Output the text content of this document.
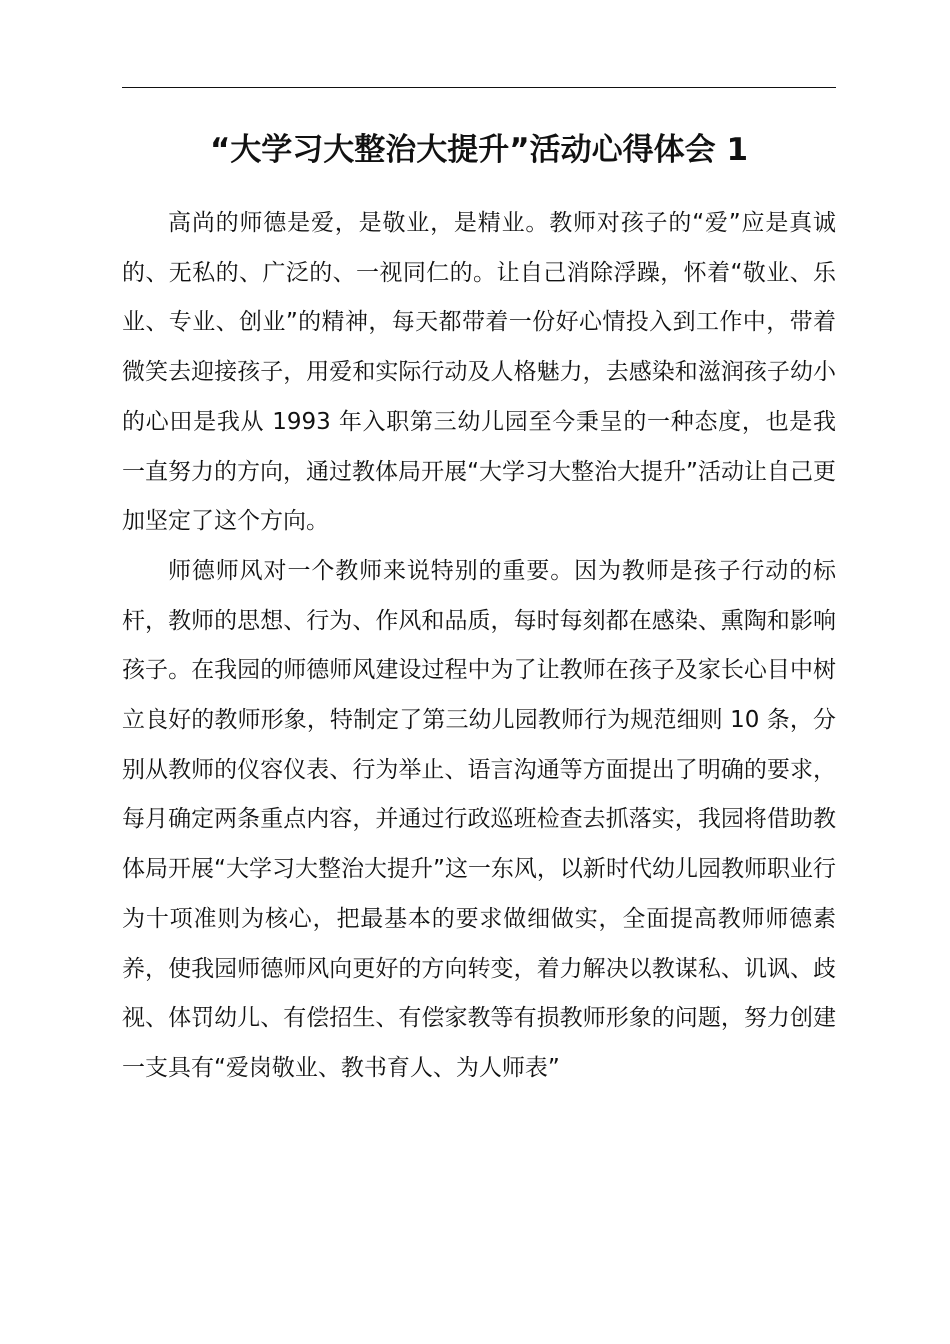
“大学习大整治大提升”活动心得体会 1

高尚的师德是爱，是敬业，是精业。教师对孩子的“爱”应是真诚的、无私的、广泛的、一视同仁的。让自己消除浮躁，怀着“敬业、乐业、专业、创业”的精神，每天都带着一份好心情投入到工作中，带着微笑去迎接孩子，用爱和实际行动及人格魅力，去感染和滋润孩子幼小的心田是我从 1993 年入职第三幼儿园至今秉呈的一种态度，也是我一直努力的方向，通过教体局开展“大学习大整治大提升”活动让自己更加坚定了这个方向。

师德师风对一个教师来说特别的重要。因为教师是孩子行动的标杆，教师的思想、行为、作风和品质，每时每刻都在感染、熏陶和影响孩子。在我园的师德师风建设过程中为了让教师在孩子及家长心目中树立良好的教师形象，特制定了第三幼儿园教师行为规范细则 10 条，分别从教师的仪容仪表、行为举止、语言沟通等方面提出了明确的要求，每月确定两条重点内容，并通过行政巡班检查去抓落实，我园将借助教体局开展“大学习大整治大提升”这一东风，以新时代幼儿园教师职业行为十项准则为核心，把最基本的要求做细做实，全面提高教师师德素养，使我园师德师风向更好的方向转变，着力解决以教谋私、讥讽、歧视、体罚幼儿、有偿招生、有偿家教等有损教师形象的问题，努力创建一支具有“爱岗敬业、教书育人、为人师表”
